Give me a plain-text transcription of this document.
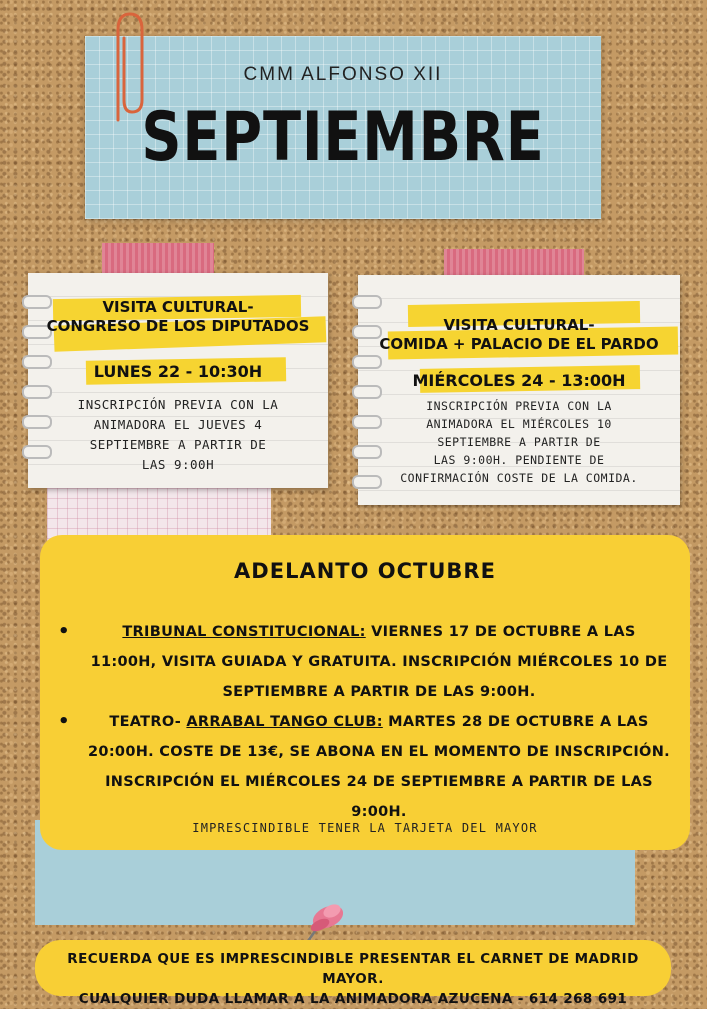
CMM ALFONSO XII
SEPTIEMBRE
VISITA CULTURAL-
CONGRESO DE LOS DIPUTADOS
LUNES 22 - 10:30H
INSCRIPCIÓN PREVIA CON LA
ANIMADORA EL JUEVES 4
SEPTIEMBRE A PARTIR DE
LAS 9:00H
VISITA CULTURAL-
COMIDA + PALACIO DE EL PARDO
MIÉRCOLES 24 - 13:00H
INSCRIPCIÓN PREVIA CON LA
ANIMADORA EL MIÉRCOLES 10
SEPTIEMBRE A PARTIR DE
LAS 9:00H. PENDIENTE DE
CONFIRMACIÓN COSTE DE LA COMIDA.
ADELANTO OCTUBRE
•	TRIBUNAL CONSTITUCIONAL: VIERNES 17 DE OCTUBRE A LAS 11:00H, VISITA GUIADA Y GRATUITA. INSCRIPCIÓN MIÉRCOLES 10 DE SEPTIEMBRE A PARTIR DE LAS 9:00H.
•	TEATRO- ARRABAL TANGO CLUB: MARTES 28 DE OCTUBRE A LAS 20:00H. COSTE DE 13€, SE ABONA EN EL MOMENTO DE INSCRIPCIÓN. INSCRIPCIÓN EL MIÉRCOLES 24 DE SEPTIEMBRE A PARTIR DE LAS 9:00H.
IMPRESCINDIBLE TENER LA TARJETA DEL MAYOR
RECUERDA QUE ES IMPRESCINDIBLE PRESENTAR EL CARNET DE MADRID MAYOR.
CUALQUIER DUDA LLAMAR A LA ANIMADORA AZUCENA - 614 268 691
